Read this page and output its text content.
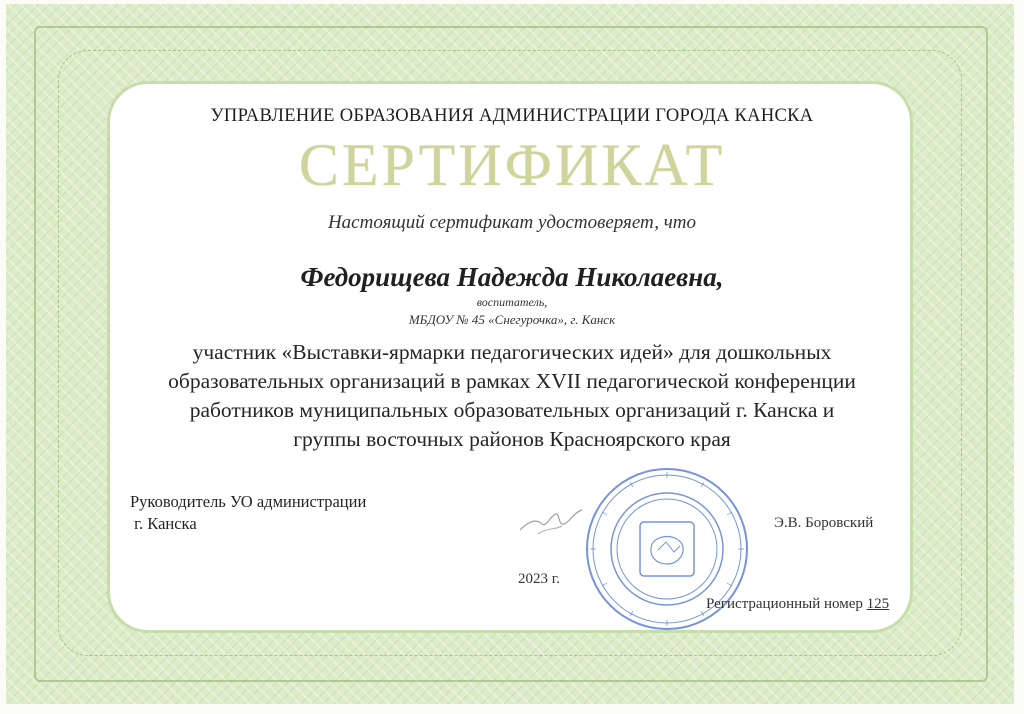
УПРАВЛЕНИЕ ОБРАЗОВАНИЯ АДМИНИСТРАЦИИ ГОРОДА КАНСКА
СЕРТИФИКАТ
Настоящий сертификат удостоверяет, что
Федорищева Надежда Николаевна,
воспитатель,
МБДОУ № 45 «Снегурочка», г. Канск
участник «Выставки-ярмарки педагогических идей» для дошкольных
образовательных организаций в рамках XVII педагогической конференции
работников муниципальных образовательных организаций г. Канска и
группы восточных районов Красноярского края
Руководитель УО администрации
г. Канска	Э.В. Боровский
2023 г.
Регистрационный номер 125
